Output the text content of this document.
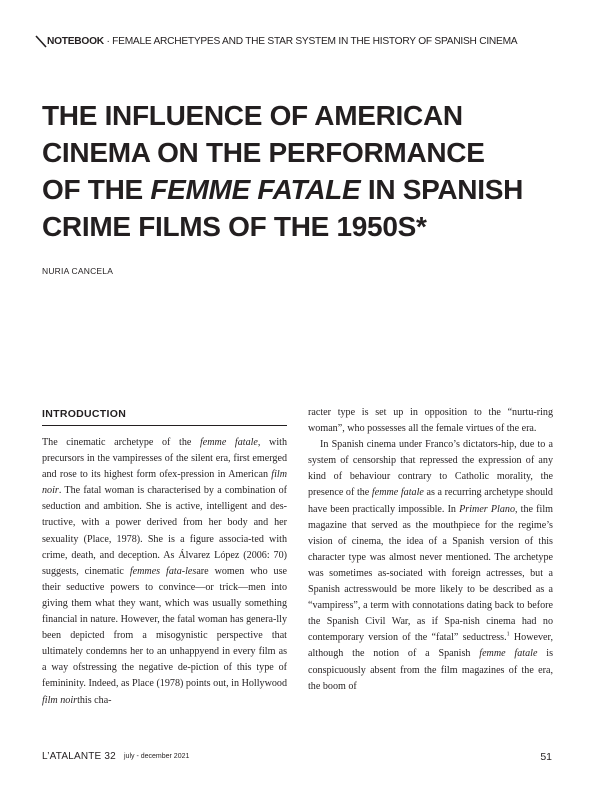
NOTEBOOK · FEMALE ARCHETYPES AND THE STAR SYSTEM IN THE HISTORY OF SPANISH CINEMA
THE INFLUENCE OF AMERICAN
CINEMA ON THE PERFORMANCE
OF THE FEMME FATALE IN SPANISH
CRIME FILMS OF THE 1950S*
NURIA CANCELA
INTRODUCTION

The cinematic archetype of the femme fatale, with precursors in the vampiresses of the silent era, first emerged and rose to its highest form ofex-pression in American film noir. The fatal woman is characterised by a combination of seduction and ambition. She is active, intelligent and des-tructive, with a power derived from her body and her sexuality (Place, 1978). She is a figure associa-ted with crime, death, and deception. As Álvarez López (2006: 70) suggests, cinematic femmes fata-lesare women who use their seductive powers to convince—or trick—men into giving them what they want, which was usually something financial in nature. However, the fatal woman has genera-lly been depicted from a misogynistic perspective that ultimately condemns her to an unhappyend in every film as a way ofstressing the negative de-piction of this type of femininity. Indeed, as Place (1978) points out, in Hollywood film noirthis cha-

racter type is set up in opposition to the “nurtu-ring woman”, who possesses all the female virtues of the era.

In Spanish cinema under Franco’s dictators-hip, due to a system of censorship that repressed the expression of any kind of behaviour contrary to Catholic morality, the presence of the femme fatale as a recurring archetype should have been practically impossible. In Primer Plano, the film magazine that served as the mouthpiece for the regime’s vision of cinema, the idea of a Spanish version of this character type was almost never mentioned. The archetype was sometimes as-sociated with foreign actresses, but a Spanish actresswould be more likely to be described as a “vampiress”, a term with connotations dating back to before the Spanish Civil War, as if Spa-nish cinema had no contemporary version of the “fatal” seductress.$^1$ However, although the notion of a Spanish femme fatale is conspicuously absent from the film magazines of the era, the boom of

L’ATALANTE 32 july - december 2021	51
